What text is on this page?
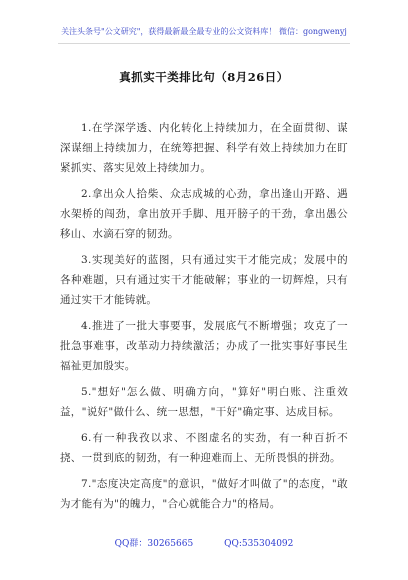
关注头条号"公文研究"，获得最新最全最专业的公文资料库！ 微信：gongwenyj
真抓实干类排比句（8月26日）

1.在学深学透、内化转化上持续加力，在全面贯彻、谋深谋细上持续加力，在统筹把握、科学有效上持续加力在盯紧抓实、落实见效上持续加力。

2.拿出众人拾柴、众志成城的心劲，拿出逢山开路、遇水架桥的闯劲，拿出放开手脚、甩开膀子的干劲，拿出愚公移山、水滴石穿的韧劲。

3.实现美好的蓝图，只有通过实干才能完成；发展中的各种难题，只有通过实干才能破解；事业的一切辉煌，只有通过实干才能铸就。

4.推进了一批大事要事，发展底气不断增强；攻克了一批急事难事，改革动力持续激活；办成了一批实事好事民生福祉更加殷实。

5."想好"怎么做、明确方向，"算好"明白账、注重效益，"说好"做什么、统一思想，"干好"确定事、达成目标。

6.有一种我孜以求、不图虚名的实劲，有一种百折不挠、一贯到底的韧劲，有一种迎难而上、无所畏惧的拼劲。

7."态度决定高度"的意识，"做好才叫做了"的态度，"敢为才能有为"的魄力，"合心就能合力"的格局。

QQ群：30265665	QQ:535304092
